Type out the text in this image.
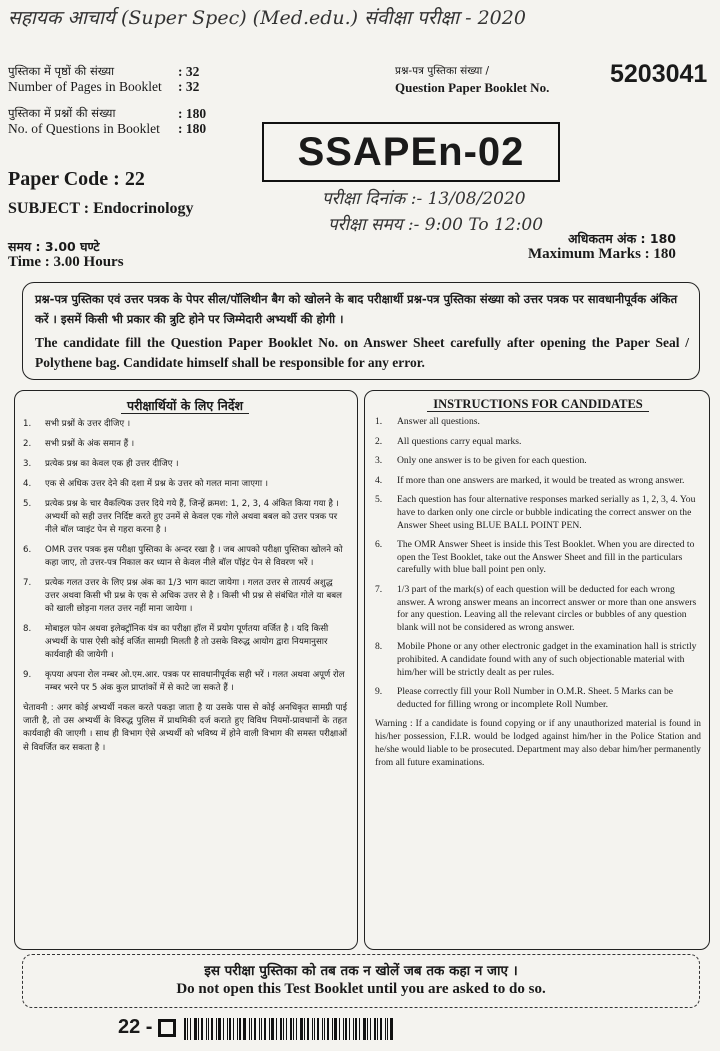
सहायक आचार्य (Super Spec) (Med.edu.) संवीक्षा परीक्षा - 2020
पुस्तिका में पृष्ठों की संख्या	: 32
Number of Pages in Booklet	: 32
पुस्तिका में प्रश्नों की संख्या	: 180
No. of Questions in Booklet	: 180
प्रश्न-पत्र पुस्तिका संख्या /
Question Paper Booklet No. 5203041
SSAPEn-02
Paper Code : 22
SUBJECT : Endocrinology	परीक्षा दिनांक :- 13/08/2020
परीक्षा समय :- 9:00 To 12:00
समय : 3.00 घण्टे
Time : 3.00 Hours
अधिकतम अंक : 180
Maximum Marks : 180
प्रश्न-पत्र पुस्तिका एवं उत्तर पत्रक के पेपर सील/पॉलिथीन बैग को खोलने के बाद परीक्षार्थी प्रश्न-पत्र पुस्तिका संख्या को उत्तर पत्रक पर सावधानीपूर्वक अंकित करें । इसमें किसी भी प्रकार की त्रुटि होने पर जिम्मेदारी अभ्यर्थी की होगी ।
The candidate fill the Question Paper Booklet No. on Answer Sheet carefully after opening the Paper Seal / Polythene bag. Candidate himself shall be responsible for any error.
परीक्षार्थियों के लिए निर्देश
1.	सभी प्रश्नों के उत्तर दीजिए ।
2.	सभी प्रश्नों के अंक समान हैं ।
3.	प्रत्येक प्रश्न का केवल एक ही उत्तर दीजिए ।
4.	एक से अधिक उत्तर देने की दशा में प्रश्न के उत्तर को गलत माना जाएगा ।
5.	प्रत्येक प्रश्न के चार वैकल्पिक उत्तर दिये गये हैं, जिन्हें क्रमश: 1, 2, 3, 4 अंकित किया गया है । अभ्यर्थी को सही उत्तर निर्दिष्ट करते हुए उनमें से केवल एक गोले अथवा बबल को उत्तर पत्रक पर नीले बॉल प्वाइंट पेन से गहरा करना है ।
6.	OMR उत्तर पत्रक इस परीक्षा पुस्तिका के अन्दर रखा है । जब आपको परीक्षा पुस्तिका खोलने को कहा जाए, तो उत्तर-पत्र निकाल कर ध्यान से केवल नीले बॉल पॉइंट पेन से विवरण भरें ।
7.	प्रत्येक गलत उत्तर के लिए प्रश्न अंक का 1/3 भाग काटा जायेगा । गलत उत्तर से तात्पर्य अशुद्ध उत्तर अथवा किसी भी प्रश्न के एक से अधिक उत्तर से है । किसी भी प्रश्न से संबंधित गोले या बबल को खाली छोड़ना गलत उत्तर नहीं माना जायेगा ।
8.	मोबाइल फोन अथवा इलेक्ट्रॉनिक यंत्र का परीक्षा हॉल में प्रयोग पूर्णतया वर्जित है । यदि किसी अभ्यर्थी के पास ऐसी कोई वर्जित सामग्री मिलती है तो उसके विरुद्ध आयोग द्वारा नियमानुसार कार्यवाही की जायेगी ।
9.	कृपया अपना रोल नम्बर ओ.एम.आर. पत्रक पर सावधानीपूर्वक सही भरें । गलत अथवा अपूर्ण रोल नम्बर भरने पर 5 अंक कुल प्राप्तांकों में से काटे जा सकते हैं ।
चेतावनी : अगर कोई अभ्यर्थी नकल करते पकड़ा जाता है या उसके पास से कोई अनधिकृत सामग्री पाई जाती है, तो उस अभ्यर्थी के विरुद्ध पुलिस में प्राथमिकी दर्ज कराते हुए विविध नियमों-प्रावधानों के तहत कार्यवाही की जाएगी । साथ ही विभाग ऐसे अभ्यर्थी को भविष्य में होने वाली विभाग की समस्त परीक्षाओं से विवर्जित कर सकता है ।
INSTRUCTIONS FOR CANDIDATES
1.	Answer all questions.
2.	All questions carry equal marks.
3.	Only one answer is to be given for each question.
4.	If more than one answers are marked, it would be treated as wrong answer.
5.	Each question has four alternative responses marked serially as 1, 2, 3, 4. You have to darken only one circle or bubble indicating the correct answer on the Answer Sheet using BLUE BALL POINT PEN.
6.	The OMR Answer Sheet is inside this Test Booklet. When you are directed to open the Test Booklet, take out the Answer Sheet and fill in the particulars carefully with blue ball point pen only.
7.	1/3 part of the mark(s) of each question will be deducted for each wrong answer. A wrong answer means an incorrect answer or more than one answers for any question. Leaving all the relevant circles or bubbles of any question blank will not be considered as wrong answer.
8.	Mobile Phone or any other electronic gadget in the examination hall is strictly prohibited. A candidate found with any of such objectionable material with him/her will be strictly dealt as per rules.
9.	Please correctly fill your Roll Number in O.M.R. Sheet. 5 Marks can be deducted for filling wrong or incomplete Roll Number.
Warning : If a candidate is found copying or if any unauthorized material is found in his/her possession, F.I.R. would be lodged against him/her in the Police Station and he/she would liable to be prosecuted. Department may also debar him/her permanently from all future examinations.
इस परीक्षा पुस्तिका को तब तक न खोलें जब तक कहा न जाए ।
Do not open this Test Booklet until you are asked to do so.
22 -
